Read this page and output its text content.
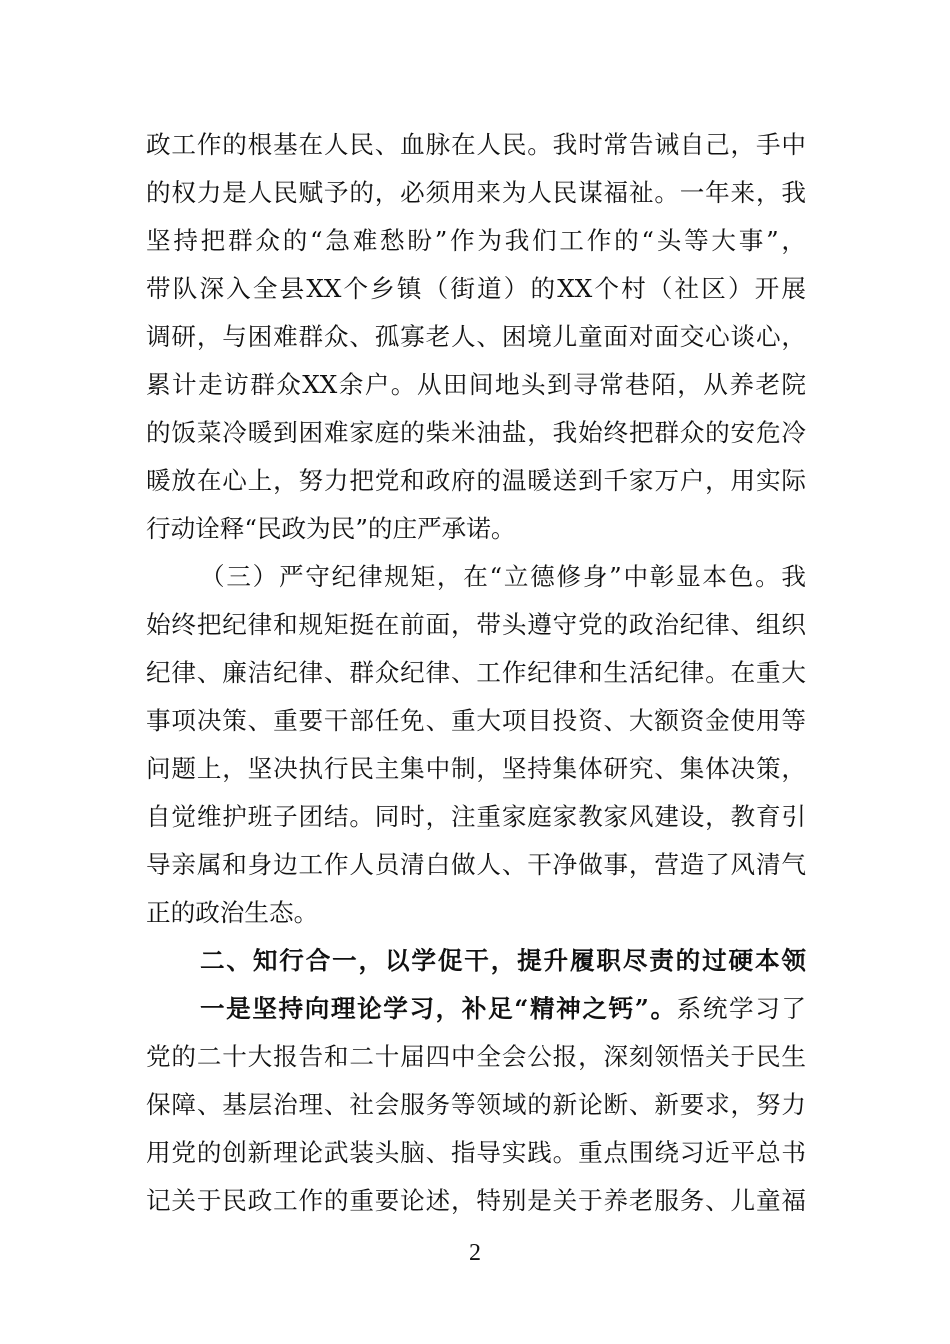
政工作的根基在人民、血脉在人民。我时常告诫自己，手中
的权力是人民赋予的，必须用来为人民谋福祉。一年来，我
坚持把群众的“急难愁盼”作为我们工作的“头等大事”，
带队深入全县XX个乡镇（街道）的XX个村（社区）开展
调研，与困难群众、孤寡老人、困境儿童面对面交心谈心，
累计走访群众XX余户。从田间地头到寻常巷陌，从养老院
的饭菜冷暖到困难家庭的柴米油盐，我始终把群众的安危冷
暖放在心上，努力把党和政府的温暖送到千家万户，用实际
行动诠释“民政为民”的庄严承诺。
（三）严守纪律规矩，在“立德修身”中彰显本色。我
始终把纪律和规矩挺在前面，带头遵守党的政治纪律、组织
纪律、廉洁纪律、群众纪律、工作纪律和生活纪律。在重大
事项决策、重要干部任免、重大项目投资、大额资金使用等
问题上，坚决执行民主集中制，坚持集体研究、集体决策，
自觉维护班子团结。同时，注重家庭家教家风建设，教育引
导亲属和身边工作人员清白做人、干净做事，营造了风清气
正的政治生态。
二、知行合一，以学促干，提升履职尽责的过硬本领
一是坚持向理论学习，补足“精神之钙”。系统学习了
党的二十大报告和二十届四中全会公报，深刻领悟关于民生
保障、基层治理、社会服务等领域的新论断、新要求，努力
用党的创新理论武装头脑、指导实践。重点围绕习近平总书
记关于民政工作的重要论述，特别是关于养老服务、儿童福
2
